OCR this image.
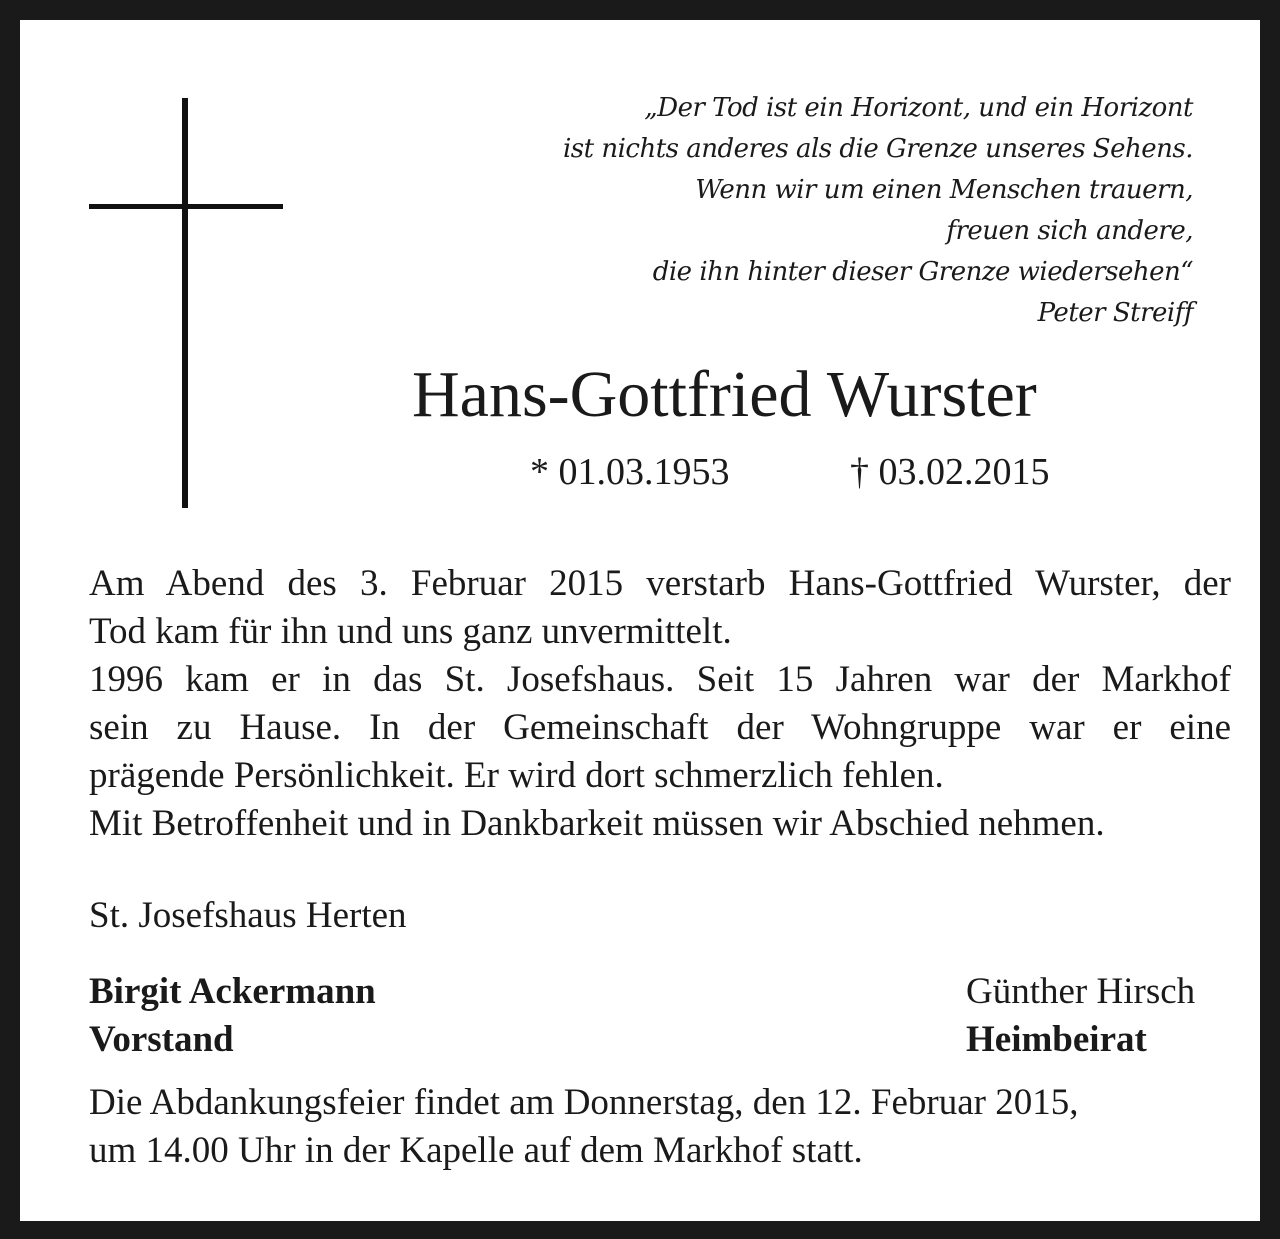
„Der Tod ist ein Horizont, und ein Horizont
ist nichts anderes als die Grenze unseres Sehens.
Wenn wir um einen Menschen trauern,
freuen sich andere,
die ihn hinter dieser Grenze wiedersehen“
Peter Streiff
Hans-Gottfried Wurster
* 01.03.1953	† 03.02.2015
Am Abend des 3. Februar 2015 verstarb Hans-Gottfried Wurster, der
Tod kam für ihn und uns ganz unvermittelt.
1996 kam er in das St. Josefshaus. Seit 15 Jahren war der Markhof
sein zu Hause. In der Gemeinschaft der Wohngruppe war er eine
prägende Persönlichkeit. Er wird dort schmerzlich fehlen.
Mit Betroffenheit und in Dankbarkeit müssen wir Abschied nehmen.
St. Josefshaus Herten
Birgit Ackermann
Vorstand
Günther Hirsch
Heimbeirat
Die Abdankungsfeier findet am Donnerstag, den 12. Februar 2015,
um 14.00 Uhr in der Kapelle auf dem Markhof statt.
